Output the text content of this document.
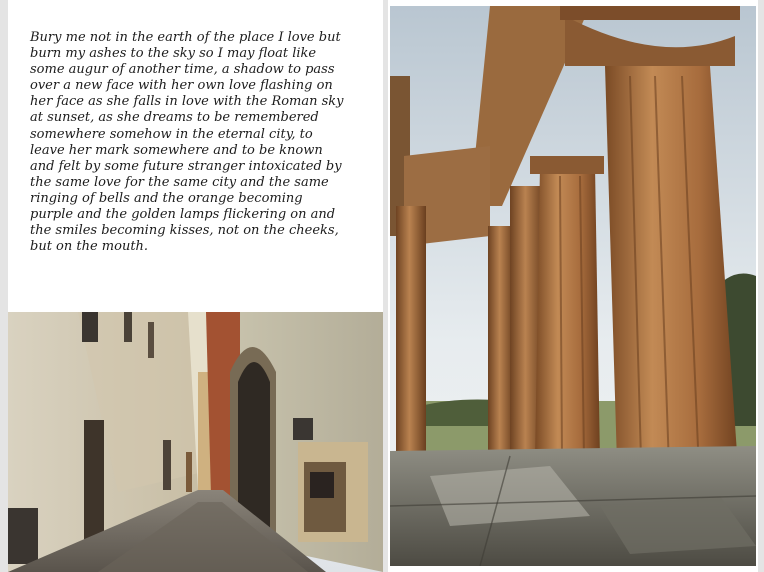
Bury me not in the earth of the place I love but
burn my ashes to the sky so I may float like
some augur of another time, a shadow to pass
over a new face with her own love flashing on
her face as she falls in love with the Roman sky
at sunset, as she dreams to be remembered
somewhere somehow in the eternal city, to
leave her mark somewhere and to be known
and felt by some future stranger intoxicated by
the same love for the same city and the same
ringing of bells and the orange becoming
purple and the golden lamps flickering on and
the smiles becoming kisses, not on the cheeks,
but on the mouth.
